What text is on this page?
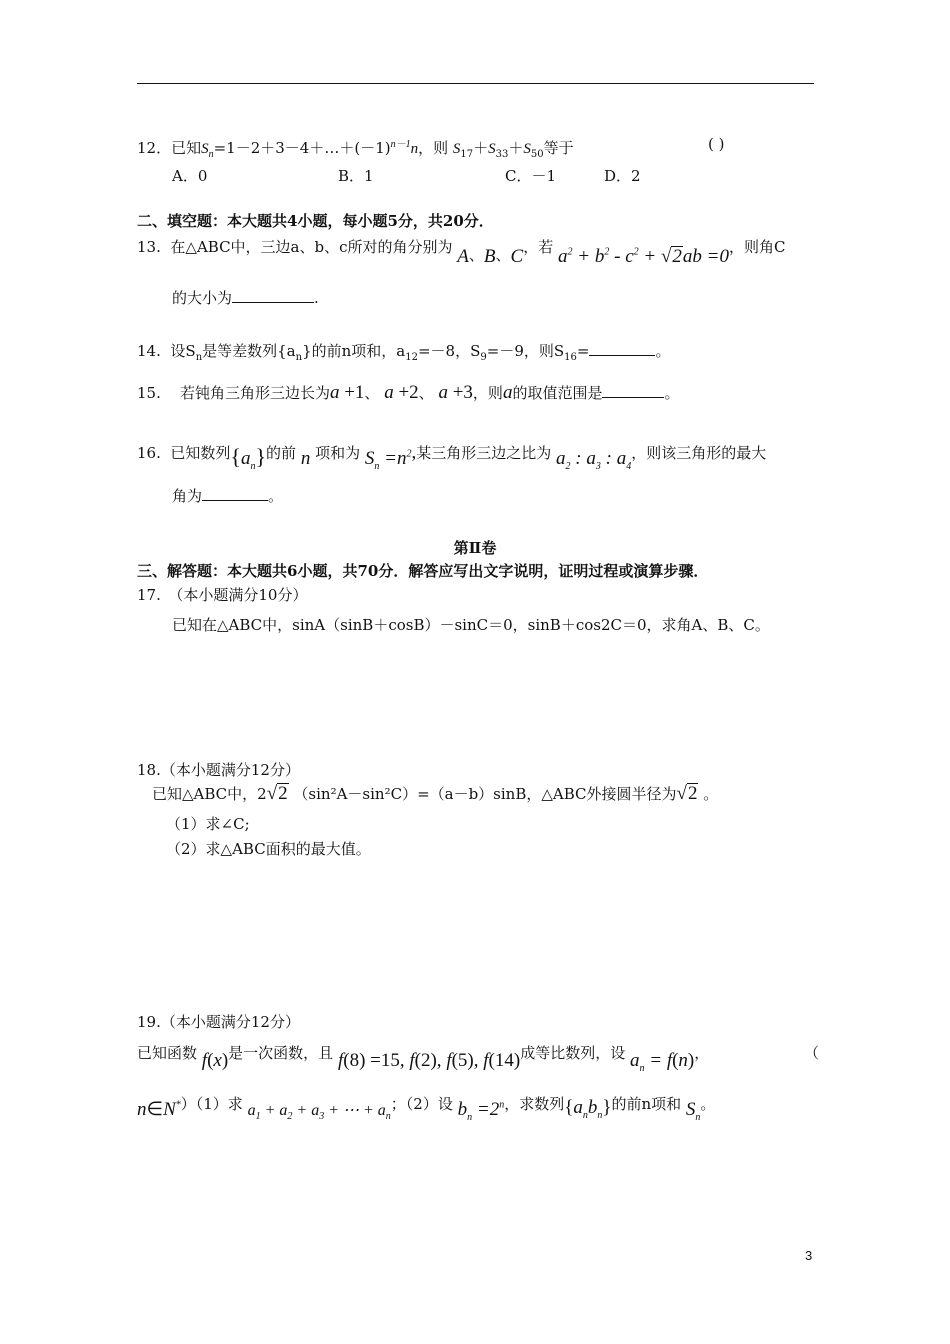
12．已知$S_n=1-2+3-4+\dots+(-1)^{n-1}n$，则 $S_{17}+S_{33}+S_{50}$等于	( )
A．0	B．1	C．－1	D．2
二、填空题：本大题共4小题，每小题5分，共20分．
13. 在△ABC中，三边a、b、c所对的角分别为 A、B、C，若 $a^2 + b^2 - c^2 + √2ab =0$，则角C
的大小为	.
14. 设$S_n$是等差数列$\{a_n\}$的前n项和，$a_{12}=-8$，$S_9=-9$，则$S_{16}=$	。
15. 若钝角三角形三边长为a +1、 a +2、 a +3，则a的取值范围是	。
16. 已知数列$\{a_n\}$的前 n 项和为 $S_n =n^2$,某三角形三边之比为 $a_2$ : $a_3$ : $a_4$，则该三角形的最大
角为	。
第Ⅱ卷
三、解答题：本大题共6小题，共70分．解答应写出文字说明，证明过程或演算步骤．
17.　（本小题满分10分）
已知在△ABC中，sinA（sinB＋cosB）－sinC＝0，sinB＋cos2C＝0，求角A、B、C。
18.（本小题满分12分）
已知△ABC中，2√2 （sin²A－sin²C）=（a－b）sinB，△ABC外接圆半径为√2 。
（1）求∠C;
（2）求△ABC面积的最大值。
19.（本小题满分12分）
已知函数 f(x)是一次函数，且 f(8) =15, f(2), f(5), f(14)成等比数列，设 $a_n = f(n)$，	（
n∈N*）（1）求 $a_1 + a_2 + a_3$ + ⋯ + $a_n$；（2）设 $b_n =2^n$，求数列$\{a_nb_n\}$的前n项和 $S_n$。
3
